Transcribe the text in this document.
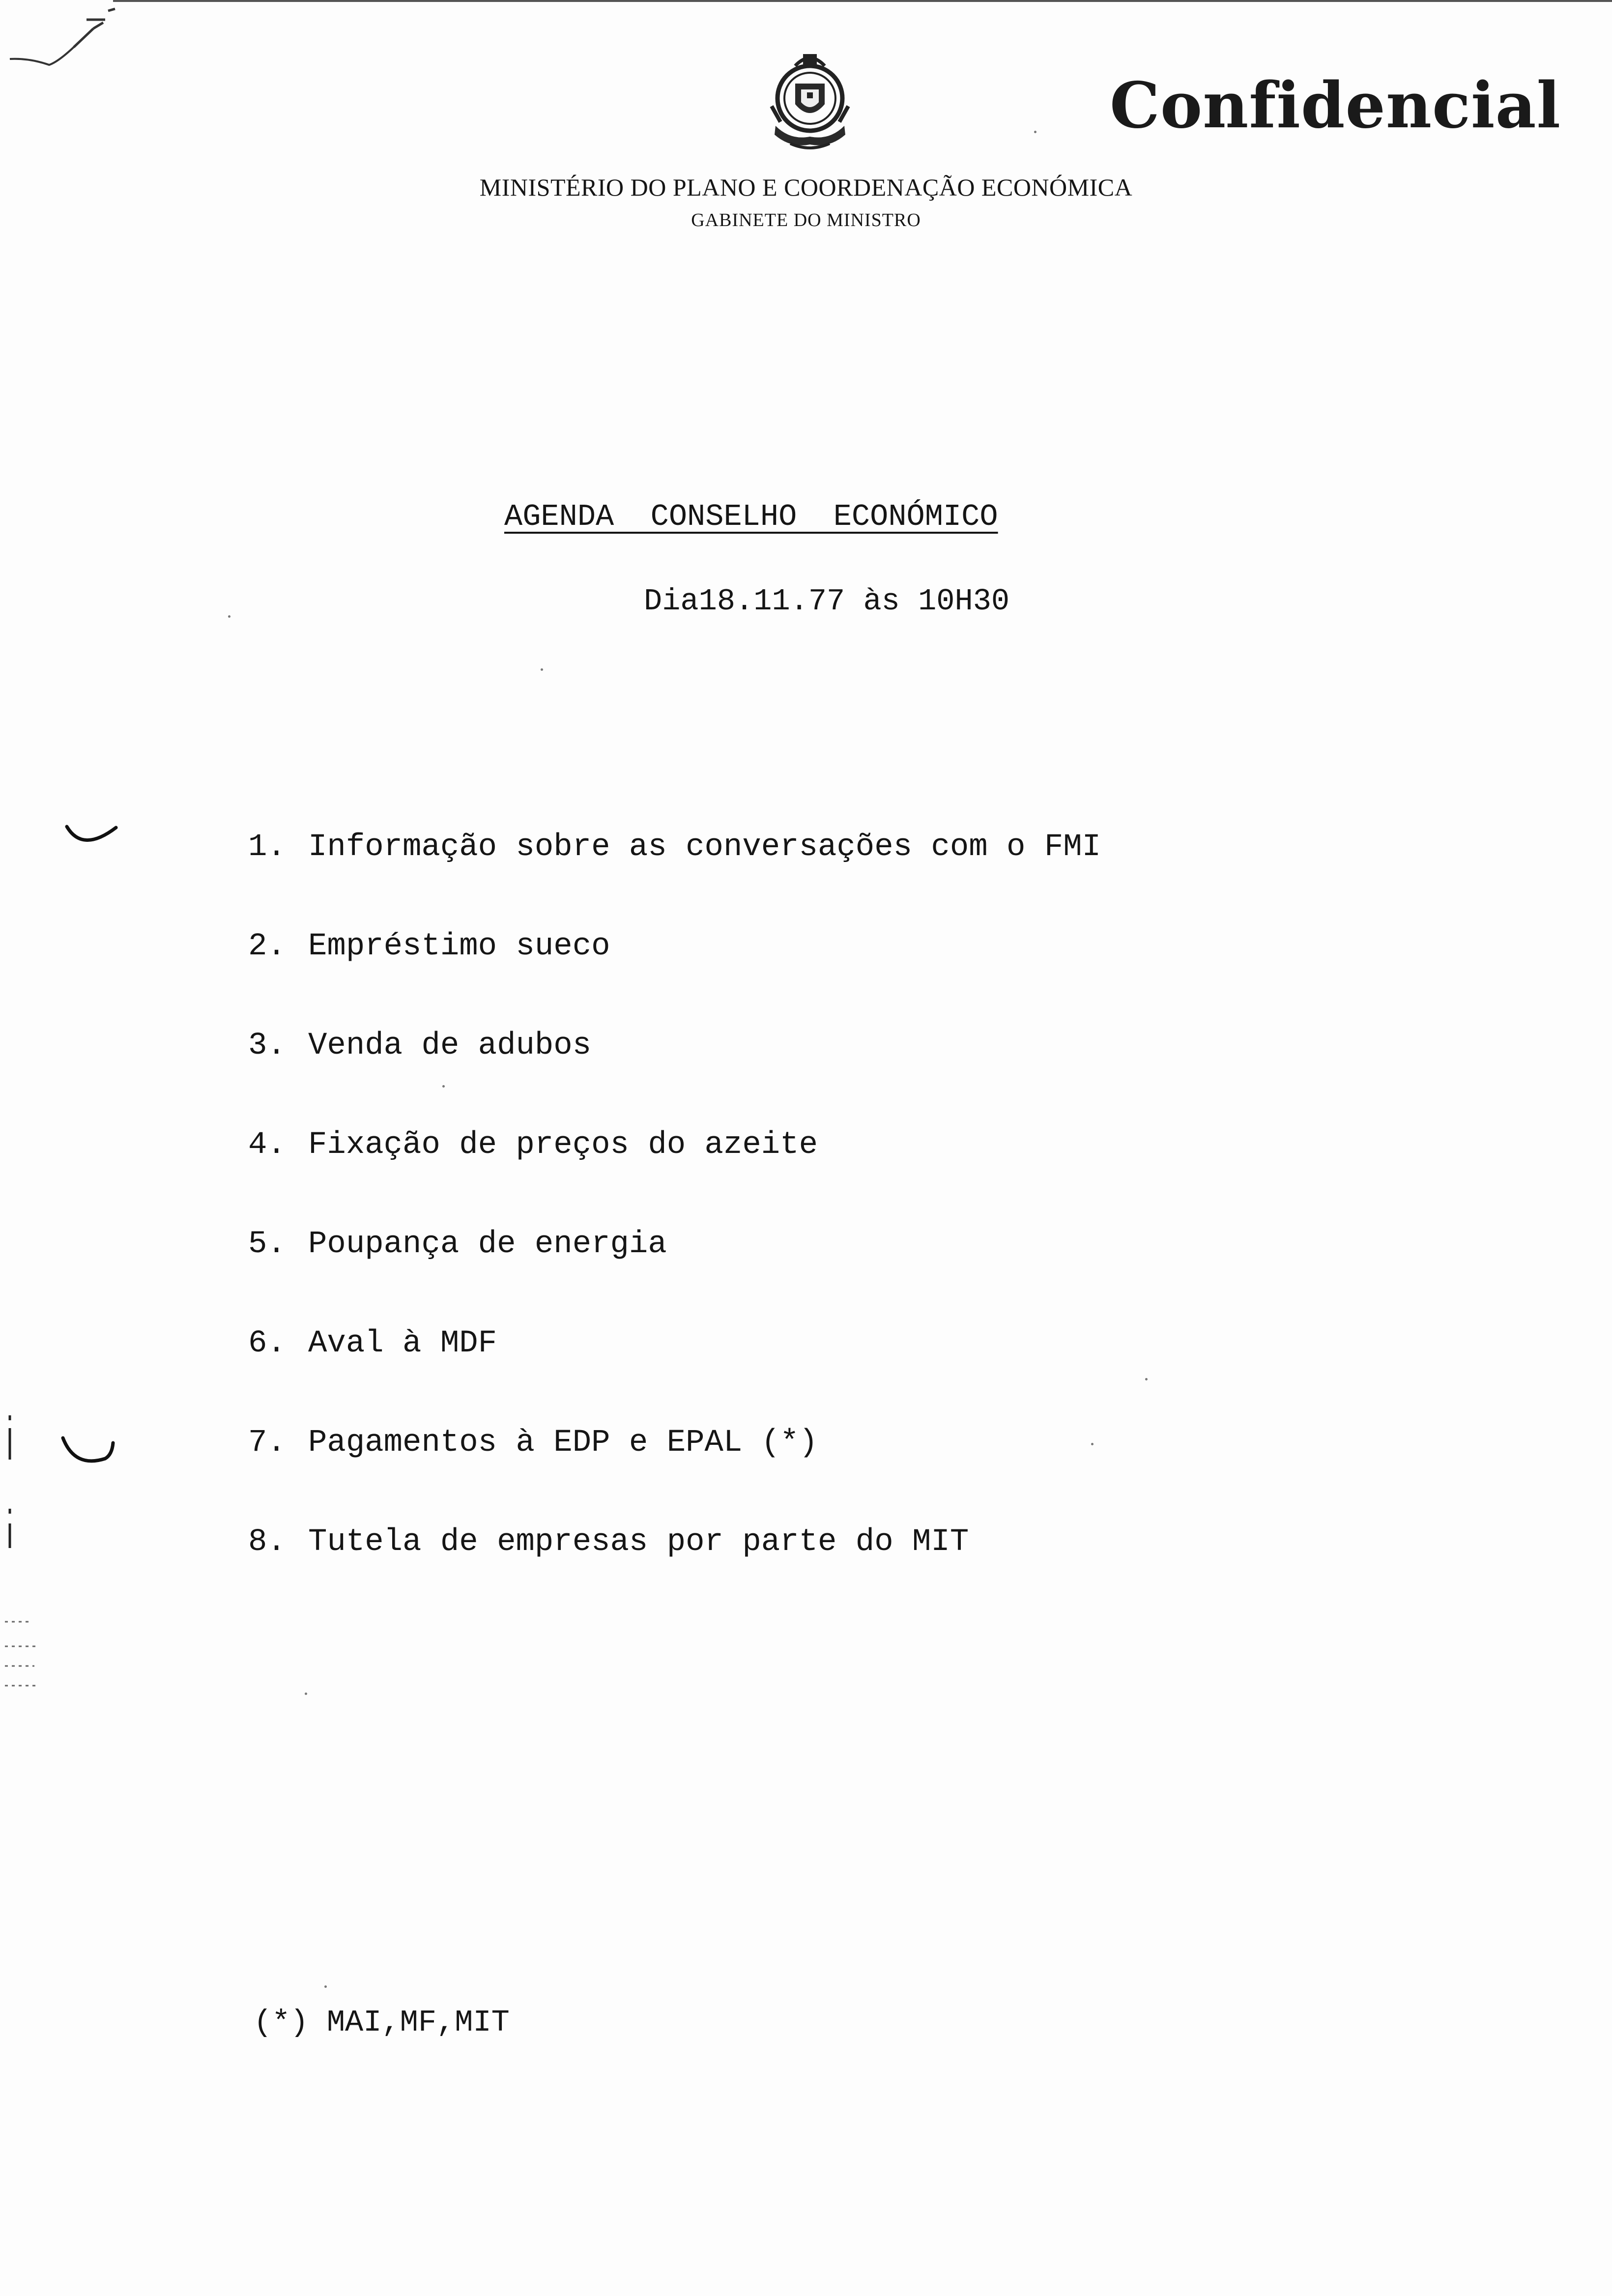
Confidencial
MINISTÉRIO DO PLANO E COORDENAÇÃO ECONÓMICA
GABINETE DO MINISTRO
AGENDA  CONSELHO  ECONÓMICO
Dia18.11.77 às 10H30
1. Informação sobre as conversações com o FMI
2. Empréstimo sueco
3. Venda de adubos
4. Fixação de preços do azeite
5. Poupança de energia
6. Aval à MDF
7. Pagamentos à EDP e EPAL (*)
8. Tutela de empresas por parte do MIT
(*) MAI,MF,MIT
